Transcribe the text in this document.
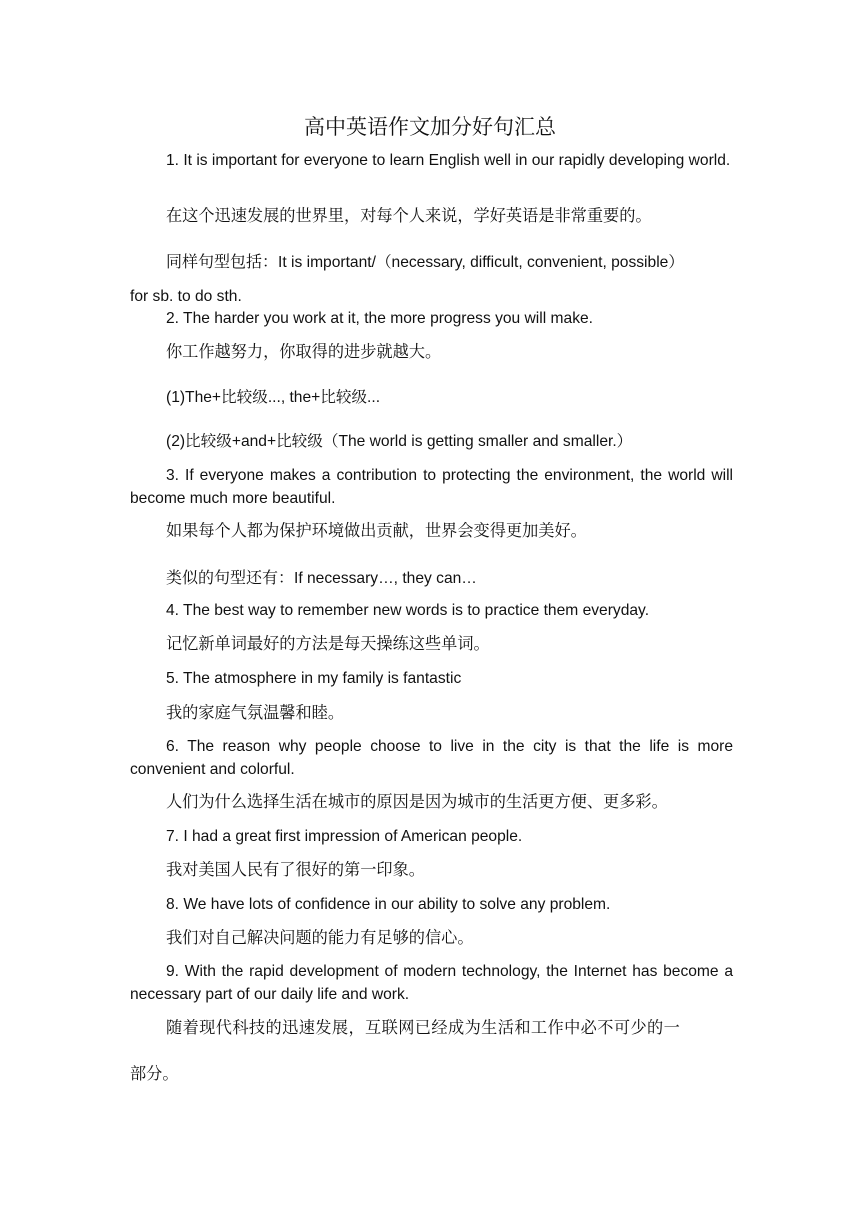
高中英语作文加分好句汇总

1. It is important for everyone to learn English well in our rapidly developing world.

在这个迅速发展的世界里，对每个人来说，学好英语是非常重要的。

同样句型包括：It is important/（necessary, difficult, convenient, possible）

for sb. to do sth.

2. The harder you work at it, the more progress you will make.

你工作越努力，你取得的进步就越大。

(1)The+比较级..., the+比较级...

(2)比较级+and+比较级（The world is getting smaller and smaller.）

3. If everyone makes a contribution to protecting the environment, the world will become much more beautiful.

如果每个人都为保护环境做出贡献，世界会变得更加美好。

类似的句型还有：If necessary…, they can…

4. The best way to remember new words is to practice them everyday.

记忆新单词最好的方法是每天操练这些单词。

5. The atmosphere in my family is fantastic

我的家庭气氛温馨和睦。

6. The reason why people choose to live in the city is that the life is more convenient and colorful.

人们为什么选择生活在城市的原因是因为城市的生活更方便、更多彩。

7. I had a great first impression of American people.

我对美国人民有了很好的第一印象。

8. We have lots of confidence in our ability to solve any problem.

我们对自己解决问题的能力有足够的信心。

9. With the rapid development of modern technology, the Internet has become a necessary part of our daily life and work.

随着现代科技的迅速发展，互联网已经成为生活和工作中必不可少的一

部分。
